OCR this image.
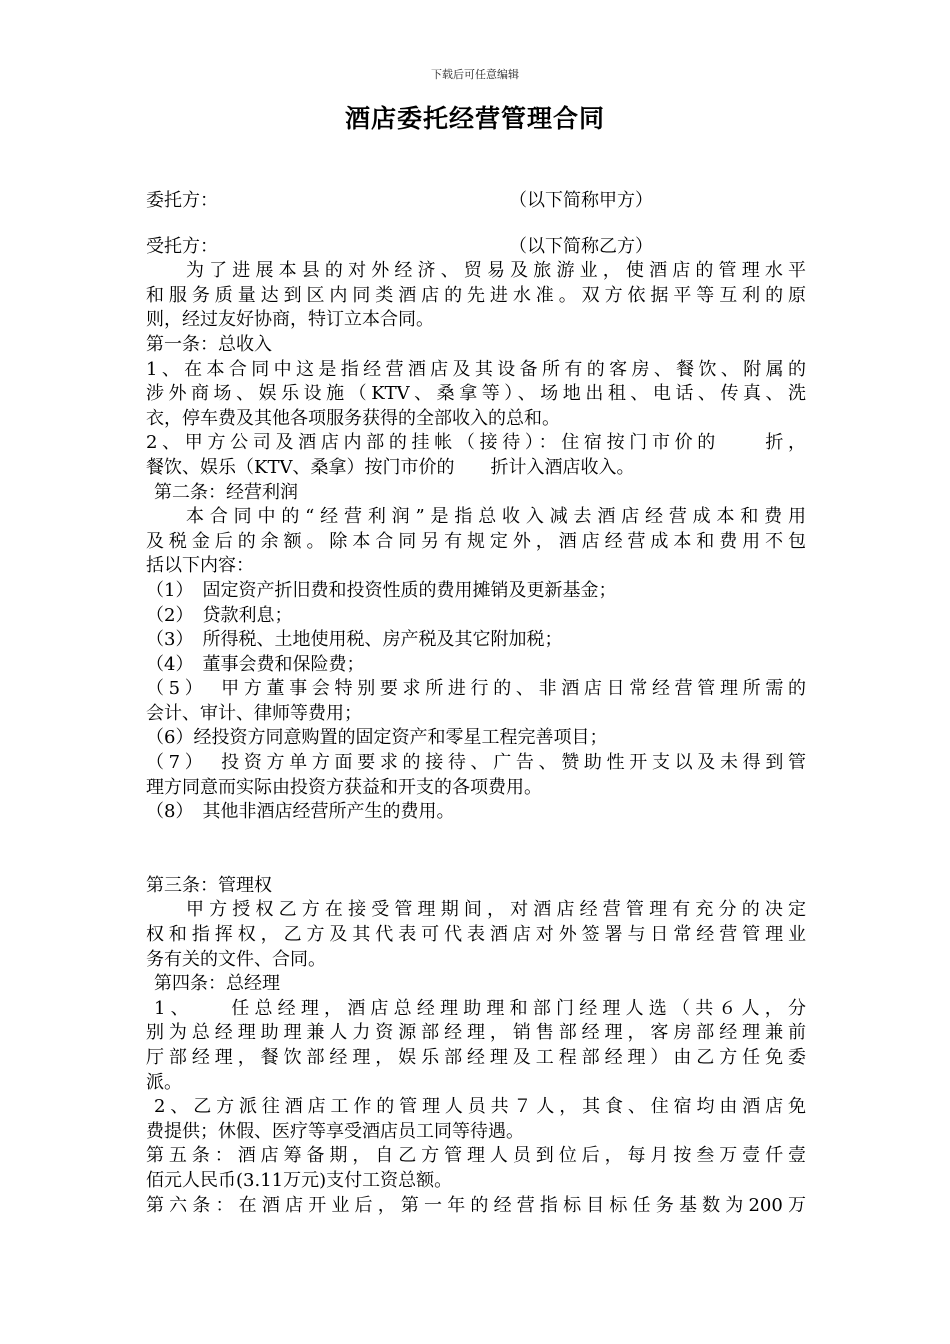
下载后可任意编辑
酒店委托经营管理合同
委托方：	（以下简称甲方）
受托方：	（以下简称乙方）
为了进展本县的对外经济、贸易及旅游业，使酒店的管理水平
和服务质量达到区内同类酒店的先进水准。双方依据平等互利的原
则，经过友好协商，特订立本合同。
第一条：总收入
1、在本合同中这是指经营酒店及其设备所有的客房、餐饮、附属的
涉外商场、娱乐设施（KTV、桑拿等）、场地出租、电话、传真、洗
衣，停车费及其他各项服务获得的全部收入的总和。
2、甲方公司及酒店内部的挂帐（接待）：住宿按门市价的　　折，
餐饮、娱乐（KTV、桑拿）按门市价的　　折计入酒店收入。
第二条：经营利润
本合同中的“经营利润”是指总收入减去酒店经营成本和费用
及税金后的余额。除本合同另有规定外，酒店经营成本和费用不包
括以下内容：
（1）　固定资产折旧费和投资性质的费用摊销及更新基金；
（2）　贷款利息；
（3）　所得税、土地使用税、房产税及其它附加税；
（4）　董事会费和保险费；
（5）　甲方董事会特别要求所进行的、非酒店日常经营管理所需的
会计、审计、律师等费用；
（6）经投资方同意购置的固定资产和零星工程完善项目；
（7）　投资方单方面要求的接待、广告、赞助性开支以及未得到管
理方同意而实际由投资方获益和开支的各项费用。
（8）　其他非酒店经营所产生的费用。
第三条：管理权
甲方授权乙方在接受管理期间，对酒店经营管理有充分的决定
权和指挥权，乙方及其代表可代表酒店对外签署与日常经营管理业
务有关的文件、合同。
第四条：总经理
1、　　任总经理，酒店总经理助理和部门经理人选（共６人，分
别为总经理助理兼人力资源部经理，销售部经理，客房部经理兼前
厅部经理，餐饮部经理，娱乐部经理及工程部经理）由乙方任免委
派。
2、乙方派往酒店工作的管理人员共７人，其食、住宿均由酒店免
费提供；休假、医疗等享受酒店员工同等待遇。
第五条：酒店筹备期，自乙方管理人员到位后，每月按叁万壹仟壹
佰元人民币(3.11万元)支付工资总额。
第六条：在酒店开业后，第一年的经营指标目标任务基数为200万
